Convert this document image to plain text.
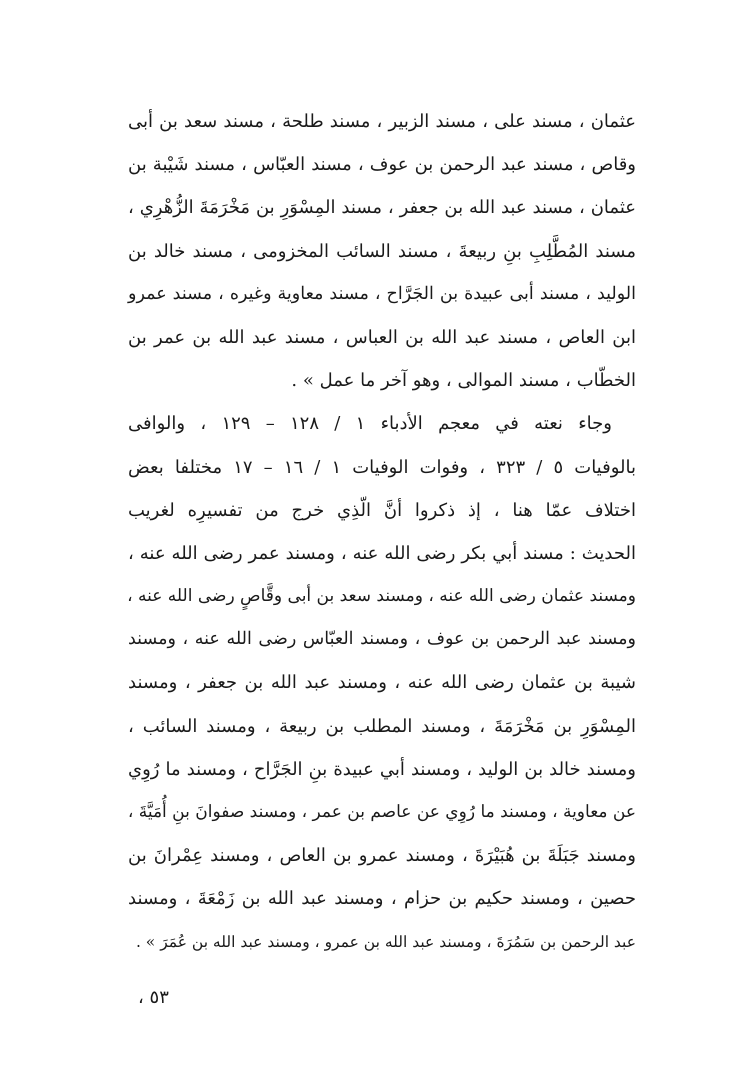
عثمان ، مسند على ، مسند الزبير ، مسند طلحة ، مسند سعد بن أبى
وقاص ، مسند عبد الرحمن بن عوف ، مسند العبّاس ، مسند شَيْبة بن
عثمان ، مسند عبد الله بن جعفر ، مسند المِسْوَرِ بن مَخْرَمَةَ الزُّهْرِي ،
مسند المُطَّلِبِ بنِ ربيعةَ ، مسند السائب المخزومى ، مسند خالد بن
الوليد ، مسند أبى عبيدة بن الجَرَّاح ، مسند معاوية وغيره ، مسند عمرو
ابن العاص ، مسند عبد الله بن العباس ، مسند عبد الله بن عمر بن
الخطّاب ، مسند الموالى ، وهو آخر ما عمل » .
وجاء نعته في معجم الأدباء ١ / ١٢٨ – ١٢٩ ، والوافى
بالوفيات ٥ / ٣٢٣ ، وفوات الوفيات ١ / ١٦ – ١٧ مختلفا بعض
اختلاف عمّا هنا ، إذ ذكروا أنَّ الّذِي خرج من تفسيرِه لغريب
الحديث : مسند أبي بكر رضى الله عنه ، ومسند عمر رضى الله عنه ،
ومسند عثمان رضى الله عنه ، ومسند سعد بن أبى وقَّاصٍ رضى الله عنه ،
ومسند عبد الرحمن بن عوف ، ومسند العبّاس رضى الله عنه ، ومسند
شيبة بن عثمان رضى الله عنه ، ومسند عبد الله بن جعفر ، ومسند
المِسْوَرِ بن مَخْرَمَةَ ، ومسند المطلب بن ربيعة ، ومسند السائب ،
ومسند خالد بن الوليد ، ومسند أبي عبيدة بنِ الجَرَّاح ، ومسند ما رُوِي
عن معاوية ، ومسند ما رُوِي عن عاصم بن عمر ، ومسند صفوانَ بنِ أُمَيَّةَ ،
ومسند جَبَلَةَ بن هُبَيْرَةَ ، ومسند عمرو بن العاص ، ومسند عِمْرانَ بن
حصين ، ومسند حكيم بن حزام ، ومسند عبد الله بن زَمْعَةَ ، ومسند
عبد الرحمن بن سَمُرَةَ ، ومسند عبد الله بن عمرو ، ومسند عبد الله بن عُمَرَ » .
٥٣ ،
